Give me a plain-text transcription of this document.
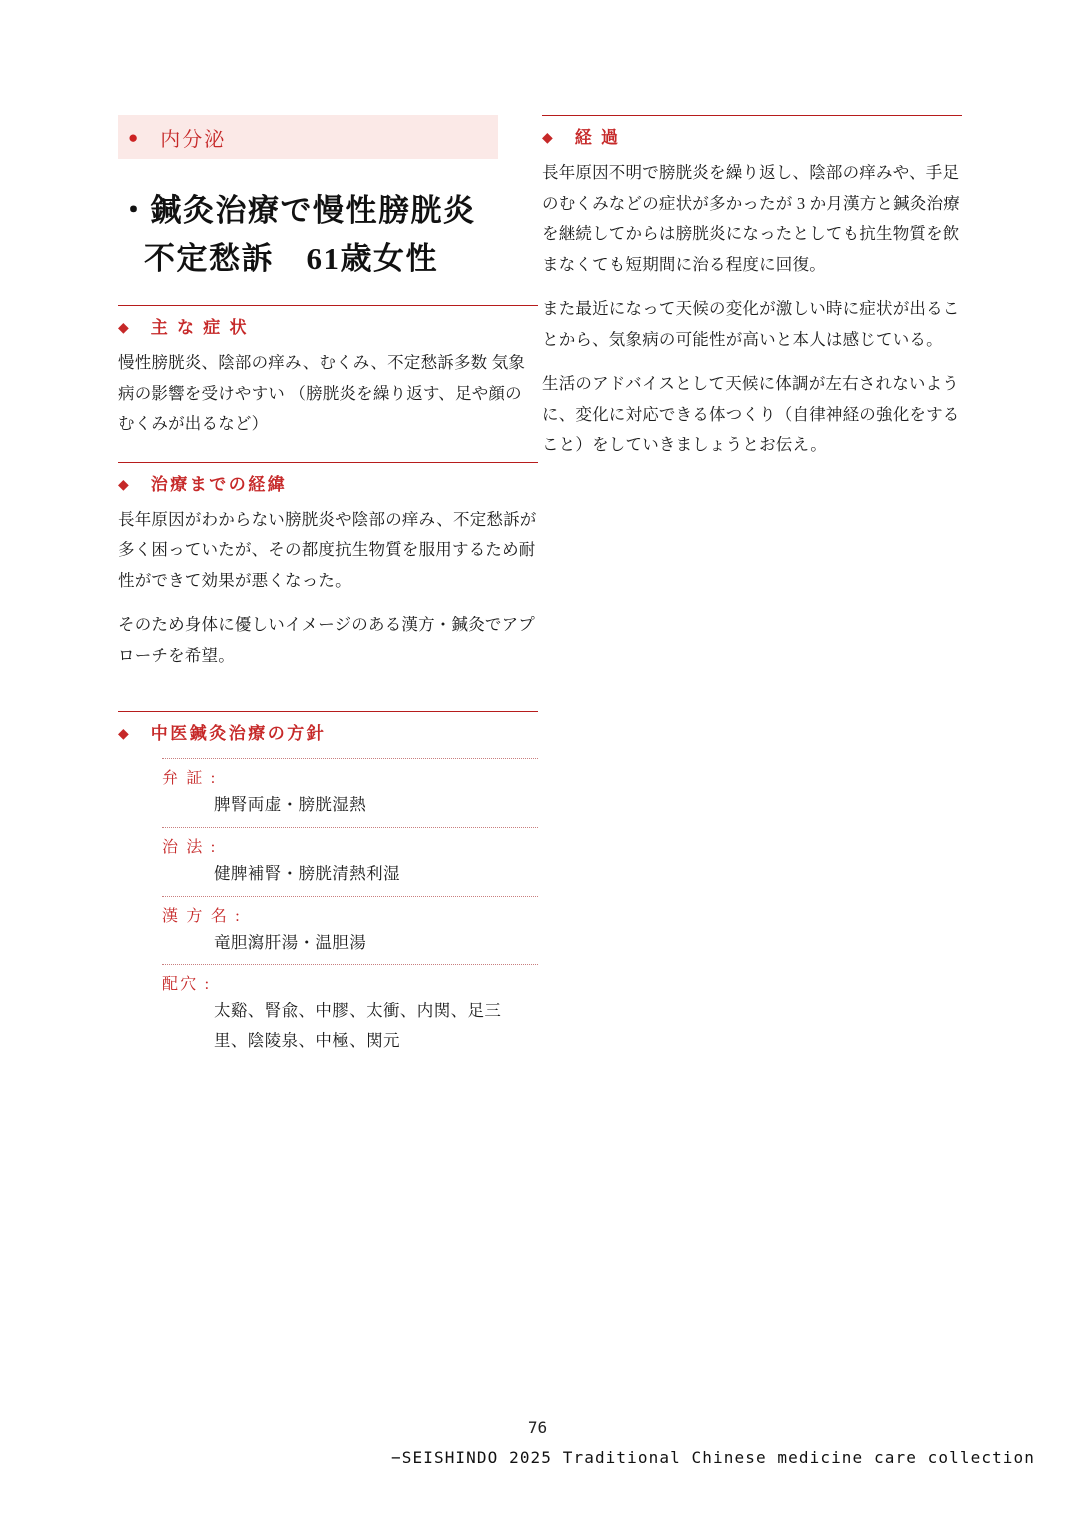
● 内分泌
・鍼灸治療で慢性膀胱炎
不定愁訴　61歳女性
◆ 主 な 症 状

慢性膀胱炎、陰部の痒み、むくみ、不定愁訴多数 気象病の影響を受けやすい （膀胱炎を繰り返す、足や顔のむくみが出るなど）

◆ 治療までの経緯

長年原因がわからない膀胱炎や陰部の痒み、不定愁訴が多く困っていたが、その都度抗生物質を服用するため耐性ができて効果が悪くなった。

そのため身体に優しいイメージのある漢方・鍼灸でアプローチを希望。

◆ 中医鍼灸治療の方針
弁 証 :
脾腎両虚・膀胱湿熱
治 法 :
健脾補腎・膀胱清熱利湿
漢 方 名 :
竜胆瀉肝湯・温胆湯
配穴 :
太谿、腎兪、中膠、太衝、内関、足三里、陰陵泉、中極、関元
◆ 経 過

長年原因不明で膀胱炎を繰り返し、陰部の痒みや、手足のむくみなどの症状が多かったが 3 か月漢方と鍼灸治療を継続してからは膀胱炎になったとしても抗生物質を飲まなくても短期間に治る程度に回復。

また最近になって天候の変化が激しい時に症状が出ることから、気象病の可能性が高いと本人は感じている。

生活のアドバイスとして天候に体調が左右されないように、変化に対応できる体つくり（自律神経の強化をすること）をしていきましょうとお伝え。

76
−SEISHINDO 2025 Traditional Chinese medicine care collection
